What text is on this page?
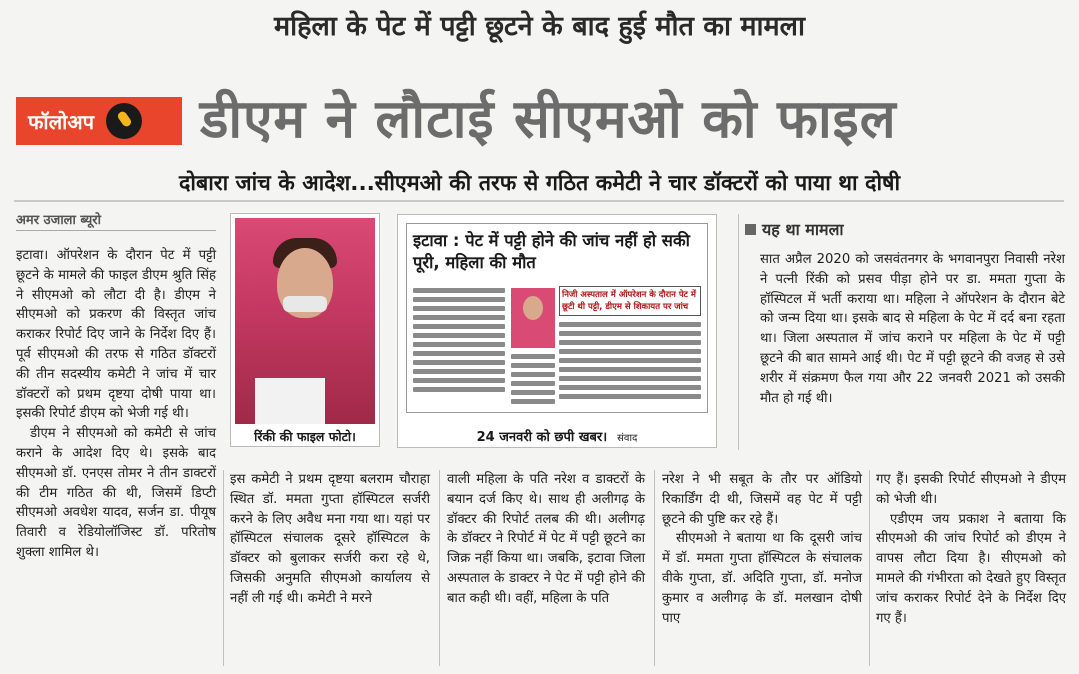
महिला के पेट में पट्टी छूटने के बाद हुई मौत का मामला
फॉलोअप डीएम ने लौटाई सीएमओ को फाइल
दोबारा जांच के आदेश...सीएमओ की तरफ से गठित कमेटी ने चार डॉक्टरों को पाया था दोषी
अमर उजाला ब्यूरो

इटावा। ऑपरेशन के दौरान पेट में पट्टी छूटने के मामले की फाइल डीएम श्रुति सिंह ने सीएमओ को लौटा दी है। डीएम ने सीएमओ को प्रकरण की विस्तृत जांच कराकर रिपोर्ट दिए जाने के निर्देश दिए हैं। पूर्व सीएमओ की तरफ से गठित डॉक्टरों की तीन सदस्यीय कमेटी ने जांच में चार डॉक्टरों को प्रथम दृष्टया दोषी पाया था। इसकी रिपोर्ट डीएम को भेजी गई थी।

डीएम ने सीएमओ को कमेटी से जांच कराने के आदेश दिए थे। इसके बाद सीएमओ डॉ. एनएस तोमर ने तीन डाक्टरों की टीम गठित की थी, जिसमें डिप्टी सीएमओ अवधेश यादव, सर्जन डा. पीयूष तिवारी व रेडियोलॉजिस्ट डॉ. परितोष शुक्ला शामिल थे।

रिंकी की फाइल फोटो।
इटावा : पेट में पट्टी होने की जांच नहीं हो सकी पूरी, महिला की मौत
निजी अस्पताल में ऑपरेशन के दौरान पेट में छूटी थी पट्टी, डीएम से शिकायत पर जांच
24 जनवरी को छपी खबर। संवाद
यह था मामला
सात अप्रैल 2020 को जसवंतनगर के भगवानपुरा निवासी नरेश ने पत्नी रिंकी को प्रसव पीड़ा होने पर डा. ममता गुप्ता के हॉस्पिटल में भर्ती कराया था। महिला ने ऑपरेशन के दौरान बेटे को जन्म दिया था। इसके बाद से महिला के पेट में दर्द बना रहता था। जिला अस्पताल में जांच कराने पर महिला के पेट में पट्टी छूटने की बात सामने आई थी। पेट में पट्टी छूटने की वजह से उसे शरीर में संक्रमण फैल गया और 22 जनवरी 2021 को उसकी मौत हो गई थी।
इस कमेटी ने प्रथम दृष्टया बलराम चौराहा स्थित डॉ. ममता गुप्ता हॉस्पिटल सर्जरी करने के लिए अवैध मना गया था। यहां पर हॉस्पिटल संचालक दूसरे हॉस्पिटल के डॉक्टर को बुलाकर सर्जरी करा रहे थे, जिसकी अनुमति सीएमओ कार्यालय से नहीं ली गई थी। कमेटी ने मरने
वाली महिला के पति नरेश व डाक्टरों के बयान दर्ज किए थे। साथ ही अलीगढ़ के डॉक्टर की रिपोर्ट तलब की थी। अलीगढ़ के डॉक्टर ने रिपोर्ट में पेट में पट्टी छूटने का जिक्र नहीं किया था। जबकि, इटावा जिला अस्पताल के डाक्टर ने पेट में पट्टी होने की बात कही थी। वहीं, महिला के पति

नरेश ने भी सबूत के तौर पर ऑडियो रिकार्डिंग दी थी, जिसमें वह पेट में पट्टी छूटने की पुष्टि कर रहे हैं।

सीएमओ ने बताया था कि दूसरी जांच में डॉ. ममता गुप्ता हॉस्पिटल के संचालक वीके गुप्ता, डॉ. अदिति गुप्ता, डॉ. मनोज कुमार व अलीगढ़ के डॉ. मलखान दोषी पाए

गए हैं। इसकी रिपोर्ट सीएमओ ने डीएम को भेजी थी।

एडीएम जय प्रकाश ने बताया कि सीएमओ की जांच रिपोर्ट को डीएम ने वापस लौटा दिया है। सीएमओ को मामले की गंभीरता को देखते हुए विस्तृत जांच कराकर रिपोर्ट देने के निर्देश दिए गए हैं।
